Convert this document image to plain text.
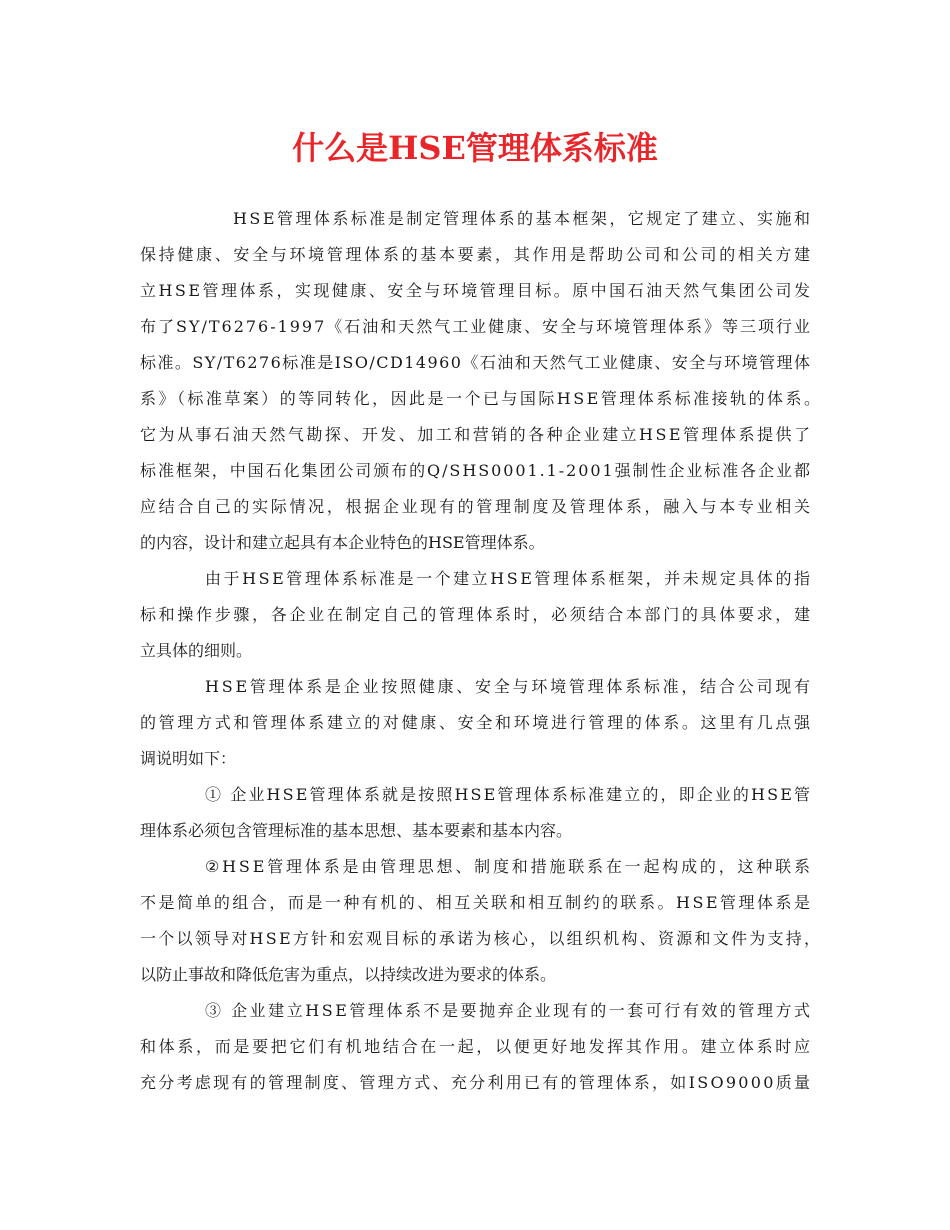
什么是HSE管理体系标准

HSE管理体系标准是制定管理体系的基本框架，它规定了建立、实施和

保持健康、安全与环境管理体系的基本要素，其作用是帮助公司和公司的相关方建

立HSE管理体系，实现健康、安全与环境管理目标。原中国石油天然气集团公司发

布了SY/T6276-1997《石油和天然气工业健康、安全与环境管理体系》等三项行业

标准。SY/T6276标准是ISO/CD14960《石油和天然气工业健康、安全与环境管理体

系》（标准草案）的等同转化，因此是一个已与国际HSE管理体系标准接轨的体系。

它为从事石油天然气勘探、开发、加工和营销的各种企业建立HSE管理体系提供了

标准框架，中国石化集团公司颁布的Q/SHS0001.1-2001强制性企业标准各企业都

应结合自己的实际情况，根据企业现有的管理制度及管理体系，融入与本专业相关

的内容，设计和建立起具有本企业特色的HSE管理体系。

由于HSE管理体系标准是一个建立HSE管理体系框架，并未规定具体的指

标和操作步骤，各企业在制定自己的管理体系时，必须结合本部门的具体要求，建

立具体的细则。

HSE管理体系是企业按照健康、安全与环境管理体系标准，结合公司现有

的管理方式和管理体系建立的对健康、安全和环境进行管理的体系。这里有几点强

调说明如下：

① 企业HSE管理体系就是按照HSE管理体系标准建立的，即企业的HSE管

理体系必须包含管理标准的基本思想、基本要素和基本内容。

②HSE管理体系是由管理思想、制度和措施联系在一起构成的，这种联系

不是简单的组合，而是一种有机的、相互关联和相互制约的联系。HSE管理体系是

一个以领导对HSE方针和宏观目标的承诺为核心，以组织机构、资源和文件为支持，

以防止事故和降低危害为重点，以持续改进为要求的体系。

③ 企业建立HSE管理体系不是要抛弃企业现有的一套可行有效的管理方式

和体系，而是要把它们有机地结合在一起，以便更好地发挥其作用。建立体系时应

充分考虑现有的管理制度、管理方式、充分利用已有的管理体系，如ISO9000质量
